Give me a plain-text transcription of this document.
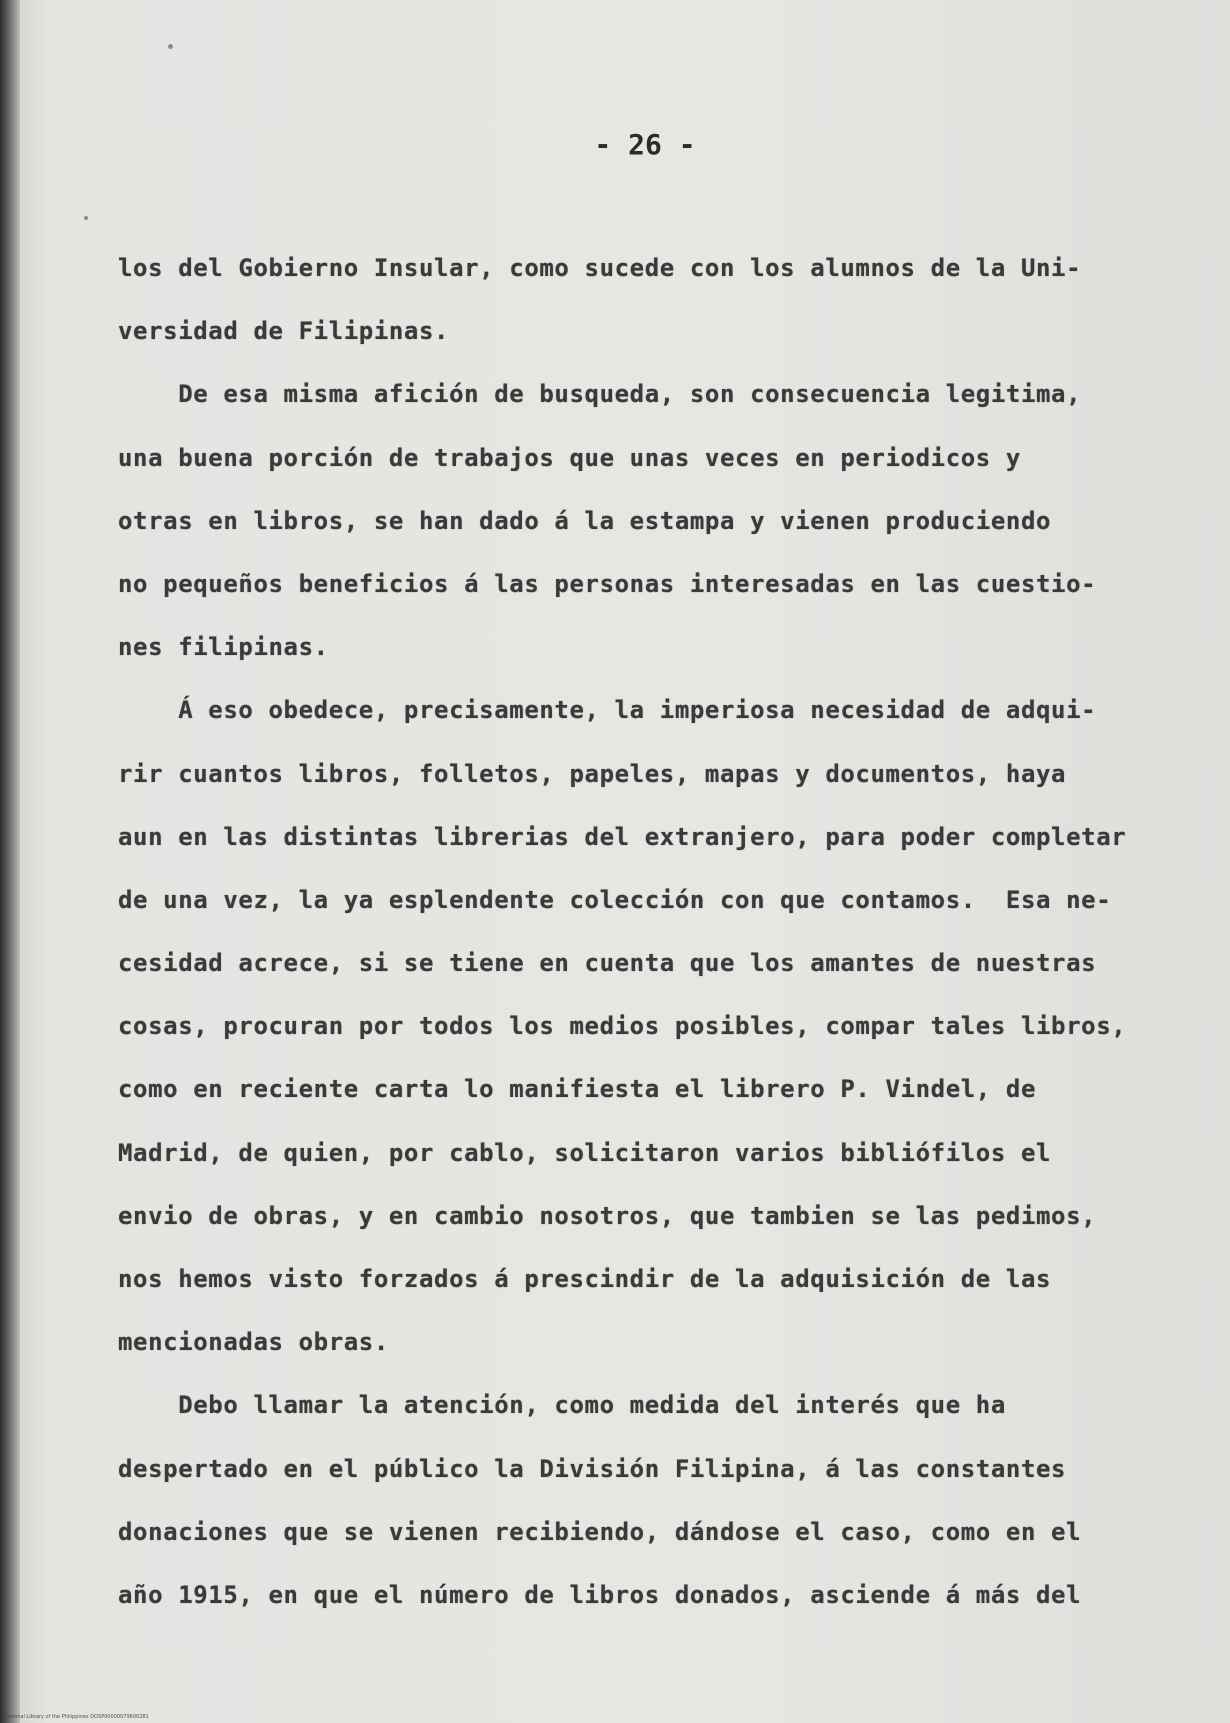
- 26 -
los del Gobierno Insular, como sucede con los alumnos de la Uni-
versidad de Filipinas.
De esa misma afición de busqueda, son consecuencia legitima,
una buena porción de trabajos que unas veces en periodicos y
otras en libros, se han dado á la estampa y vienen produciendo
no pequeños beneficios á las personas interesadas en las cuestio-
nes filipinas.
Á eso obedece, precisamente, la imperiosa necesidad de adqui-
rir cuantos libros, folletos, papeles, mapas y documentos, haya
aun en las distintas librerias del extranjero, para poder completar
de una vez, la ya esplendente colección con que contamos.  Esa ne-
cesidad acrece, si se tiene en cuenta que los amantes de nuestras
cosas, procuran por todos los medios posibles, compar tales libros,
como en reciente carta lo manifiesta el librero P. Vindel, de
Madrid, de quien, por cablo, solicitaron varios bibliófilos el
envio de obras, y en cambio nosotros, que tambien se las pedimos,
nos hemos visto forzados á prescindir de la adquisición de las
mencionadas obras.
Debo llamar la atención, como medida del interés que ha
despertado en el público la División Filipina, á las constantes
donaciones que se vienen recibiendo, dándose el caso, como en el
año 1915, en que el número de libros donados, asciende á más del
National Library of the Philippines DOSP00000079600281
